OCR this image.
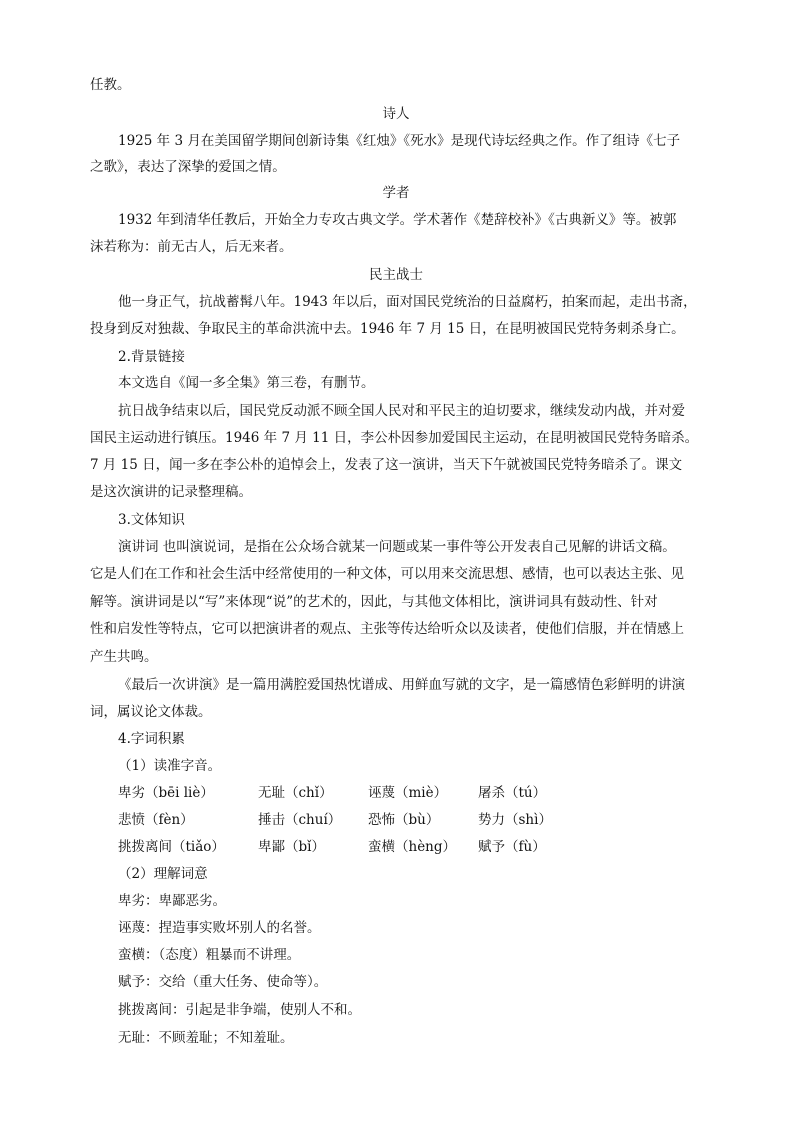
任教。
诗人
1925 年 3 月在美国留学期间创新诗集《红烛》《死水》是现代诗坛经典之作。作了组诗《七子
之歌》，表达了深挚的爱国之情。
学者
1932 年到清华任教后，开始全力专攻古典文学。学术著作《楚辞校补》《古典新义》等。被郭
沫若称为：前无古人，后无来者。
民主战士
他一身正气，抗战蓄髯八年。1943 年以后，面对国民党统治的日益腐朽，拍案而起，走出书斋，
投身到反对独裁、争取民主的革命洪流中去。1946 年 7 月 15 日，在昆明被国民党特务刺杀身亡。
2.背景链接
本文选自《闻一多全集》第三卷，有删节。
抗日战争结束以后，国民党反动派不顾全国人民对和平民主的迫切要求，继续发动内战，并对爱
国民主运动进行镇压。1946 年 7 月 11 日，李公朴因参加爱国民主运动，在昆明被国民党特务暗杀。
7 月 15 日，闻一多在李公朴的追悼会上，发表了这一演讲，当天下午就被国民党特务暗杀了。课文
是这次演讲的记录整理稿。
3.文体知识
演讲词 也叫演说词，是指在公众场合就某一问题或某一事件等公开发表自己见解的讲话文稿。
它是人们在工作和社会生活中经常使用的一种文体，可以用来交流思想、感情，也可以表达主张、见
解等。演讲词是以“写”来体现“说”的艺术的，因此，与其他文体相比，演讲词具有鼓动性、针对
性和启发性等特点，它可以把演讲者的观点、主张等传达给听众以及读者，使他们信服，并在情感上
产生共鸣。
《最后一次讲演》是一篇用满腔爱国热忱谱成、用鲜血写就的文字，是一篇感情色彩鲜明的讲演
词，属议论文体裁。
4.字词积累
（1）读准字音。
卑劣（bēi liè）	无耻（chǐ）	诬蔑（miè） 屠杀（tú）
悲愤（fèn）	捶击（chuí） 恐怖（bù）	势力（shì）
挑拨离间（tiǎo） 卑鄙（bǐ）	蛮横（hèng） 赋予（fù）
（2）理解词意
卑劣：卑鄙恶劣。
诬蔑：捏造事实败坏别人的名誉。
蛮横：（态度）粗暴而不讲理。
赋予：交给（重大任务、使命等）。
挑拨离间：引起是非争端，使别人不和。
无耻：不顾羞耻；不知羞耻。
